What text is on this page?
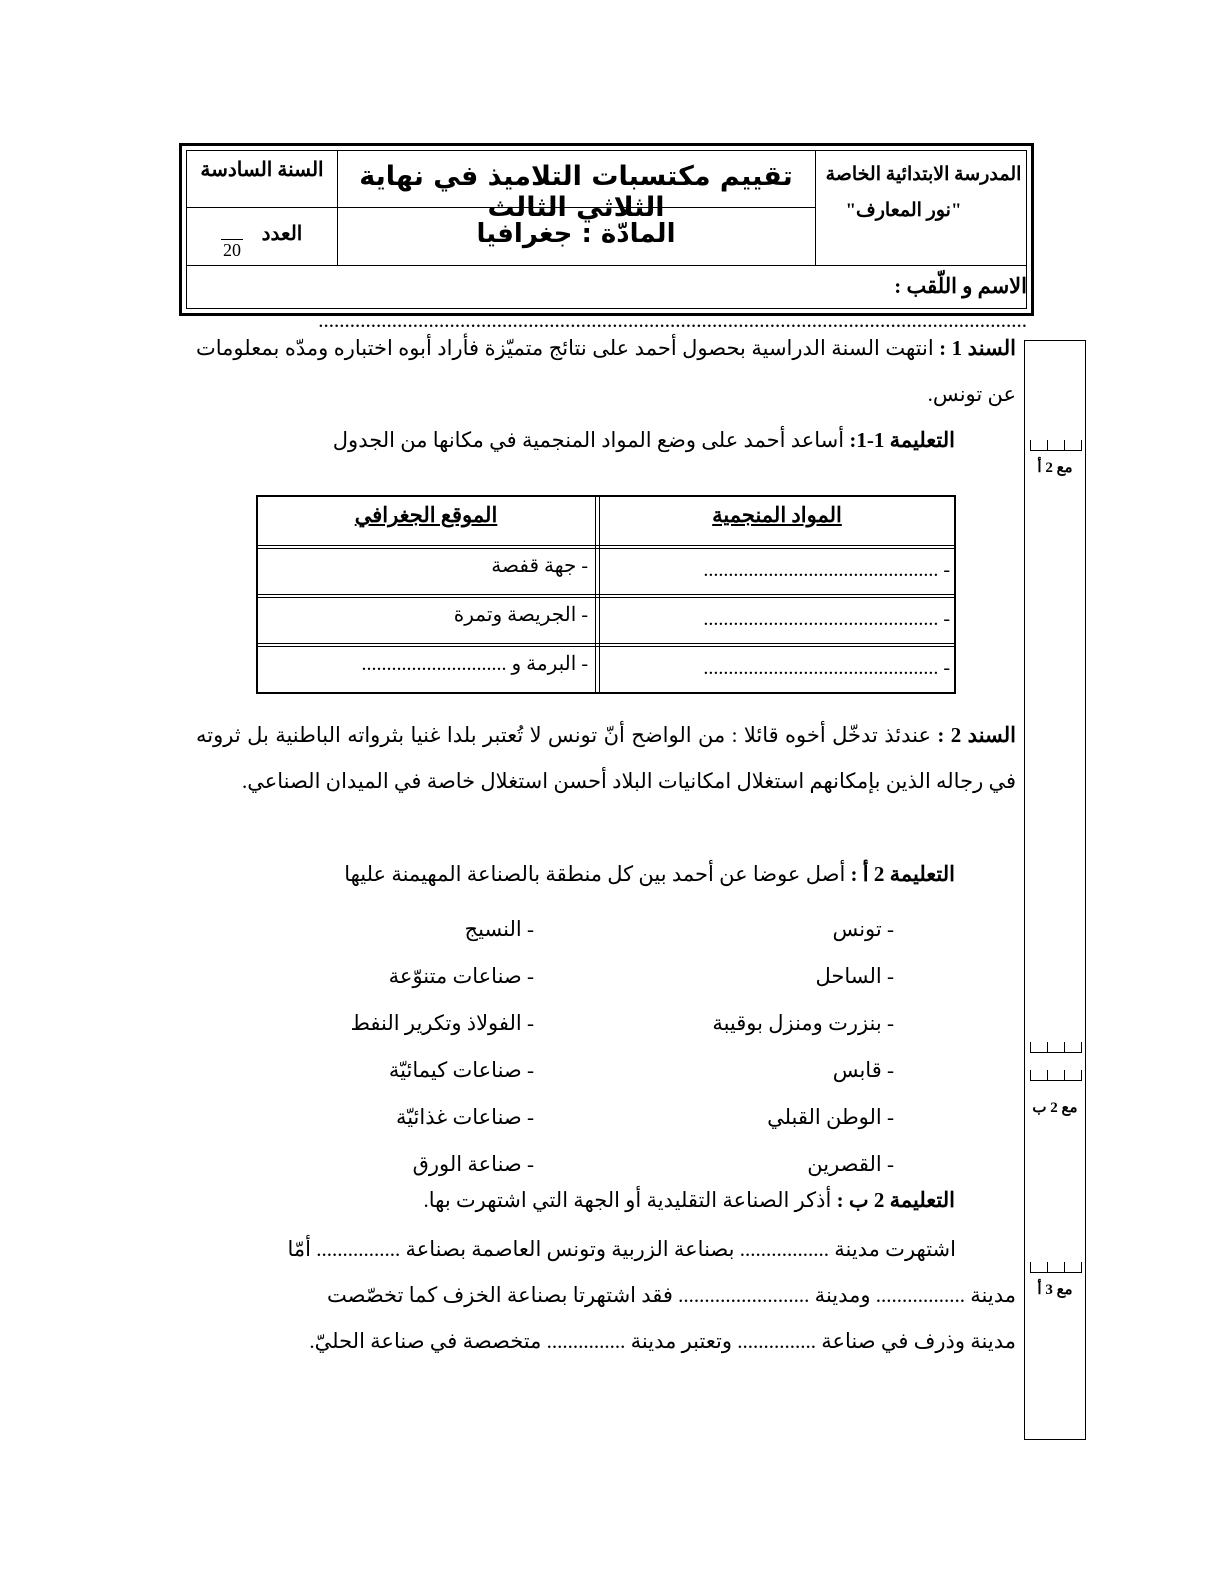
المدرسة الابتدائية الخاصة
"نور المعارف"
تقييم مكتسبات التلاميذ في نهاية الثلاثي الثالث
المادّة : جغرافيا
السنة السادسة
العدد
20
الاسم و اللّقب : .......................................................................................................................................
السند 1 : انتهت السنة الدراسية بحصول أحمد على نتائج متميّزة فأراد أبوه اختباره ومدّه بمعلومات عن تونس.
التعليمة 1-1: أساعد أحمد على وضع المواد المنجمية في مكانها من الجدول
المواد المنجمية
الموقع الجغرافي
- ...............................................
- جهة قفصة
- ...............................................
- الجريصة وتمرة
- ...............................................
- البرمة و .............................
السند 2 : عندئذ تدخّل أخوه قائلا : من الواضح أنّ تونس لا تُعتبر بلدا غنيا بثرواته الباطنية بل ثروته في رجاله الذين بإمكانهم استغلال امكانيات البلاد أحسن استغلال خاصة في الميدان الصناعي.
التعليمة 2 أ : أصل عوضا عن أحمد بين كل منطقة بالصناعة المهيمنة عليها
- تونس
- الساحل
- بنزرت ومنزل بوقيبة
- قابس
- الوطن القبلي
- القصرين
- النسيج
- صناعات متنوّعة
- الفولاذ وتكرير النفط
- صناعات كيمائيّة
- صناعات غذائيّة
- صناعة الورق
التعليمة 2 ب : أذكر الصناعة التقليدية أو الجهة التي اشتهرت بها.
اشتهرت مدينة ................. بصناعة الزربية وتونس العاصمة بصناعة ................ أمّا
مدينة ................. ومدينة ......................... فقد اشتهرتا بصناعة الخزف كما تخصّصت
مدينة وذرف في صناعة ............... وتعتبر مدينة ............... متخصصة في صناعة الحليّ.
مع 2 أ
مع 2 ب
مع 3 أ
